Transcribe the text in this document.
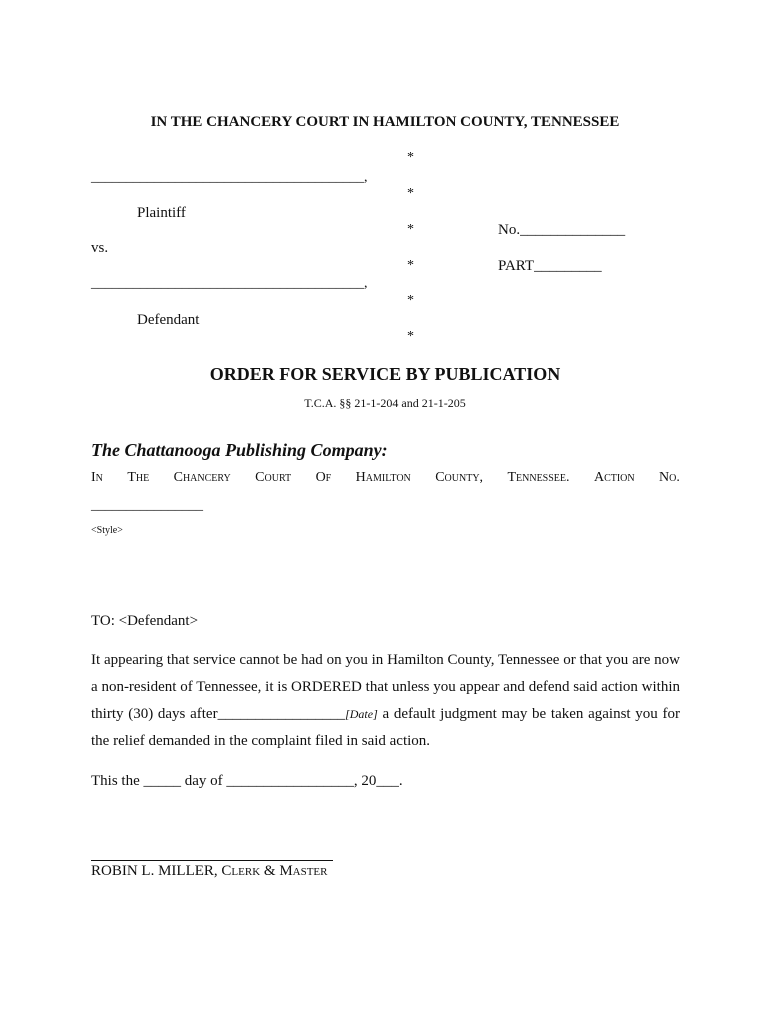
IN THE CHANCERY COURT IN HAMILTON COUNTY, TENNESSEE
*
*
*
*
*
*
_______________________________________,
Plaintiff
vs.
_______________________________________,
Defendant
No.______________
PART_________
ORDER FOR SERVICE BY PUBLICATION
T.C.A. §§ 21-1-204 and 21-1-205
The Chattanooga Publishing Company:
In The Chancery Court Of Hamilton County, Tennessee. Action No.
________________
<Style>
TO: <Defendant>
It appearing that service cannot be had on you in Hamilton County, Tennessee or that you are now a non-resident of Tennessee, it is ORDERED that unless you appear and defend said action within thirty (30) days after_________________[Date] a default judgment may be taken against you for the relief demanded in the complaint filed in said action.
This the _____ day of _________________, 20___.
ROBIN L. MILLER, Clerk & Master
